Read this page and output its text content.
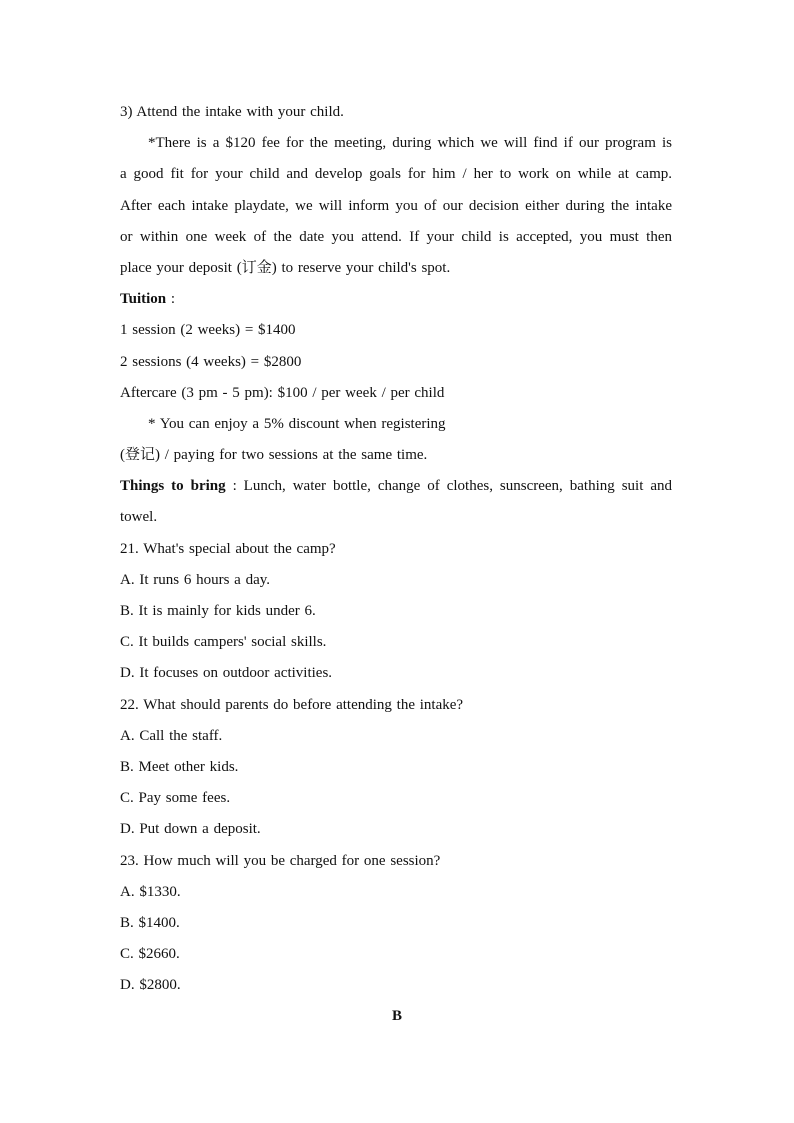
3) Attend the intake with your child.
*There is a $120 fee for the meeting, during which we will find if our program is
a good fit for your child and develop goals for him / her to work on while at camp.
After each intake playdate, we will inform you of our decision either during the intake
or within one week of the date you attend. If your child is accepted, you must then
place your deposit (订金) to reserve your child's spot.
Tuition :
1 session (2 weeks) = $1400
2 sessions (4 weeks) = $2800
Aftercare (3 pm - 5 pm): $100 / per week / per child
* You can enjoy a 5% discount when registering
(登记) / paying for two sessions at the same time.
Things to bring : Lunch, water bottle, change of clothes, sunscreen, bathing suit and
towel.
21. What's special about the camp?
A. It runs 6 hours a day.
B. It is mainly for kids under 6.
C. It builds campers' social skills.
D. It focuses on outdoor activities.
22. What should parents do before attending the intake?
A. Call the staff.
B. Meet other kids.
C. Pay some fees.
D. Put down a deposit.
23. How much will you be charged for one session?
A. $1330.
B. $1400.
C. $2660.
D. $2800.
B
